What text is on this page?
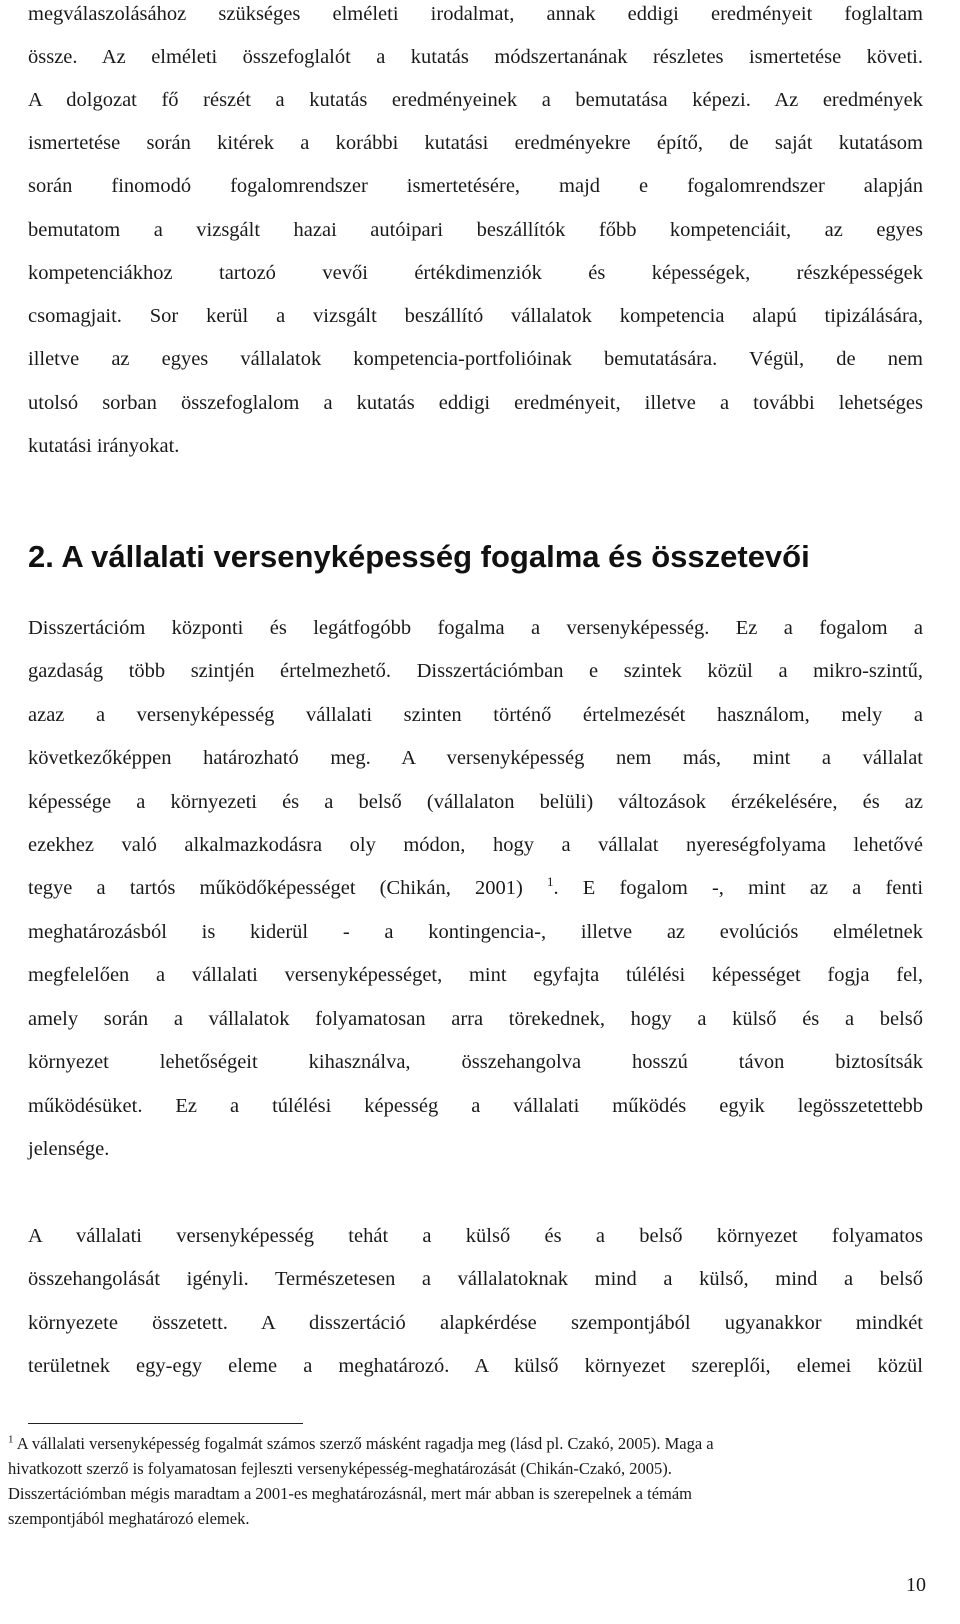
megválaszolásához szükséges elméleti irodalmat, annak eddigi eredményeit foglaltam
össze. Az elméleti összefoglalót a kutatás módszertanának részletes ismertetése követi.
A dolgozat fő részét a kutatás eredményeinek a bemutatása képezi. Az eredmények
ismertetése során kitérek a korábbi kutatási eredményekre építő, de saját kutatásom
során finomodó fogalomrendszer ismertetésére, majd e fogalomrendszer alapján
bemutatom a vizsgált hazai autóipari beszállítók főbb kompetenciáit, az egyes
kompetenciákhoz tartozó vevői értékdimenziók és képességek, részképességek
csomagjait. Sor kerül a vizsgált beszállító vállalatok kompetencia alapú tipizálására,
illetve az egyes vállalatok kompetencia-portfolióinak bemutatására. Végül, de nem
utolsó sorban összefoglalom a kutatás eddigi eredményeit, illetve a további lehetséges
kutatási irányokat.
2. A vállalati versenyképesség fogalma és összetevői
Disszertációm központi és legátfogóbb fogalma a versenyképesség. Ez a fogalom a
gazdaság több szintjén értelmezhető. Disszertációmban e szintek közül a mikro-szintű,
azaz a versenyképesség vállalati szinten történő értelmezését használom, mely a
következőképpen határozható meg. A versenyképesség nem más, mint a vállalat
képessége a környezeti és a belső (vállalaton belüli) változások érzékelésére, és az
ezekhez való alkalmazkodásra oly módon, hogy a vállalat nyereségfolyama lehetővé
tegye a tartós működőképességet (Chikán, 2001) $^1$. E fogalom -, mint az a fenti
meghatározásból is kiderül - a kontingencia-, illetve az evolúciós elméletnek
megfelelően a vállalati versenyképességet, mint egyfajta túlélési képességet fogja fel,
amely során a vállalatok folyamatosan arra törekednek, hogy a külső és a belső
környezet lehetőségeit kihasználva, összehangolva hosszú távon biztosítsák
működésüket. Ez a túlélési képesség a vállalati működés egyik legösszetettebb
jelensége.
A vállalati versenyképesség tehát a külső és a belső környezet folyamatos
összehangolását igényli. Természetesen a vállalatoknak mind a külső, mind a belső
környezete összetett. A disszertáció alapkérdése szempontjából ugyanakkor mindkét
területnek egy-egy eleme a meghatározó. A külső környezet szereplői, elemei közül
$^1$ A vállalati versenyképesség fogalmát számos szerző másként ragadja meg (lásd pl. Czakó, 2005). Maga a
hivatkozott szerző is folyamatosan fejleszti versenyképesség-meghatározását (Chikán-Czakó, 2005).
Disszertációmban mégis maradtam a 2001-es meghatározásnál, mert már abban is szerepelnek a témám
szempontjából meghatározó elemek.
10
